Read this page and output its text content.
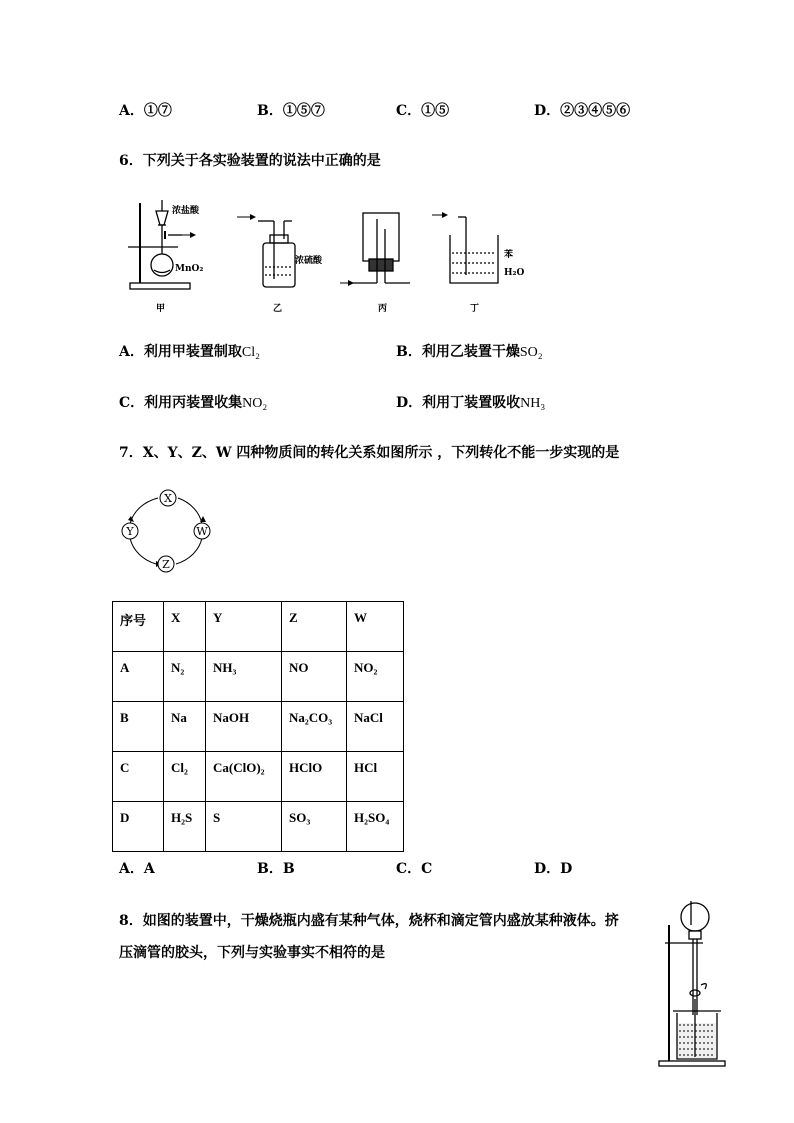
A．①⑦	B．①⑤⑦	C．①⑤	D．②③④⑤⑥
6．下列关于各实验装置的说法中正确的是
浓盐酸
MnO₂
甲
浓硫酸
乙	丙
苯
H₂O
丁
A．利用甲装置制取Cl₂	B．利用乙装置干燥SO₂
C．利用丙装置收集NO₂	D．利用丁装置吸收NH₃
7．X、Y、Z、W 四种物质间的转化关系如图所示 ，下列转化不能一步实现的是
X
Y	W
Z
序号	X	Y	Z	W
A	N₂	NH₃	NO	NO₂
B	Na	NaOH	Na₂CO₃	NaCl
C	Cl₂	Ca(ClO)₂	HClO	HCl
D	H₂S	S	SO₃	H₂SO₄
A．A	B．B	C．C	D．D
8．如图的装置中，干燥烧瓶内盛有某种气体，烧杯和滴定管内盛放某种液体。挤
压滴管的胶头，下列与实验事实不相符的是
